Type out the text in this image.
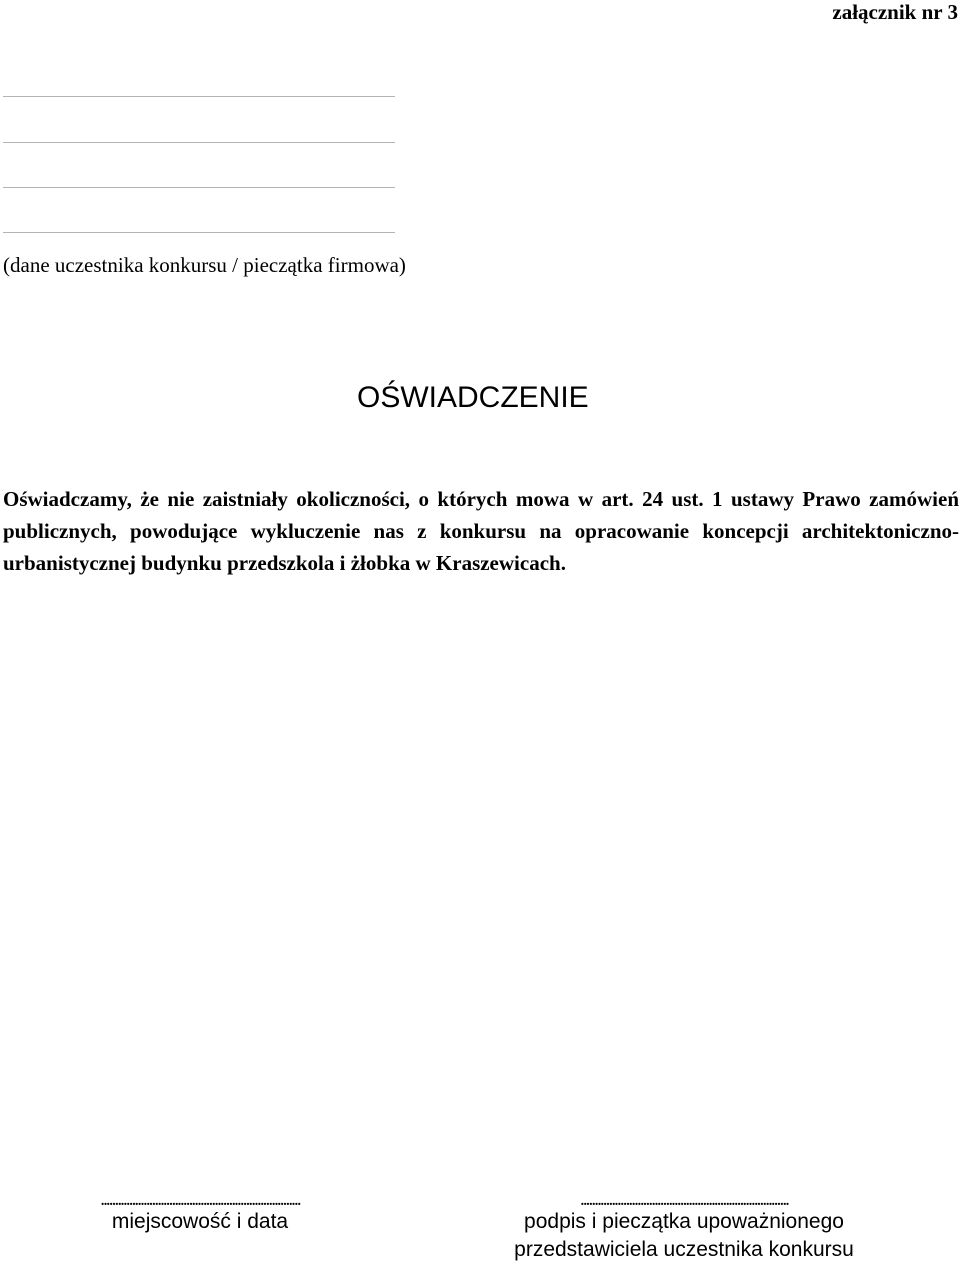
załącznik nr 3
(dane uczestnika konkursu / pieczątka firmowa)
OŚWIADCZENIE
Oświadczamy, że nie zaistniały okoliczności, o których mowa w art. 24 ust. 1 ustawy Prawo zamówień publicznych, powodujące wykluczenie nas z konkursu na opracowanie koncepcji architektoniczno-urbanistycznej budynku przedszkola i żłobka w Kraszewicach.
......................................................................
miejscowość i data
.........................................................................
podpis i pieczątka upoważnionego
przedstawiciela uczestnika konkursu
